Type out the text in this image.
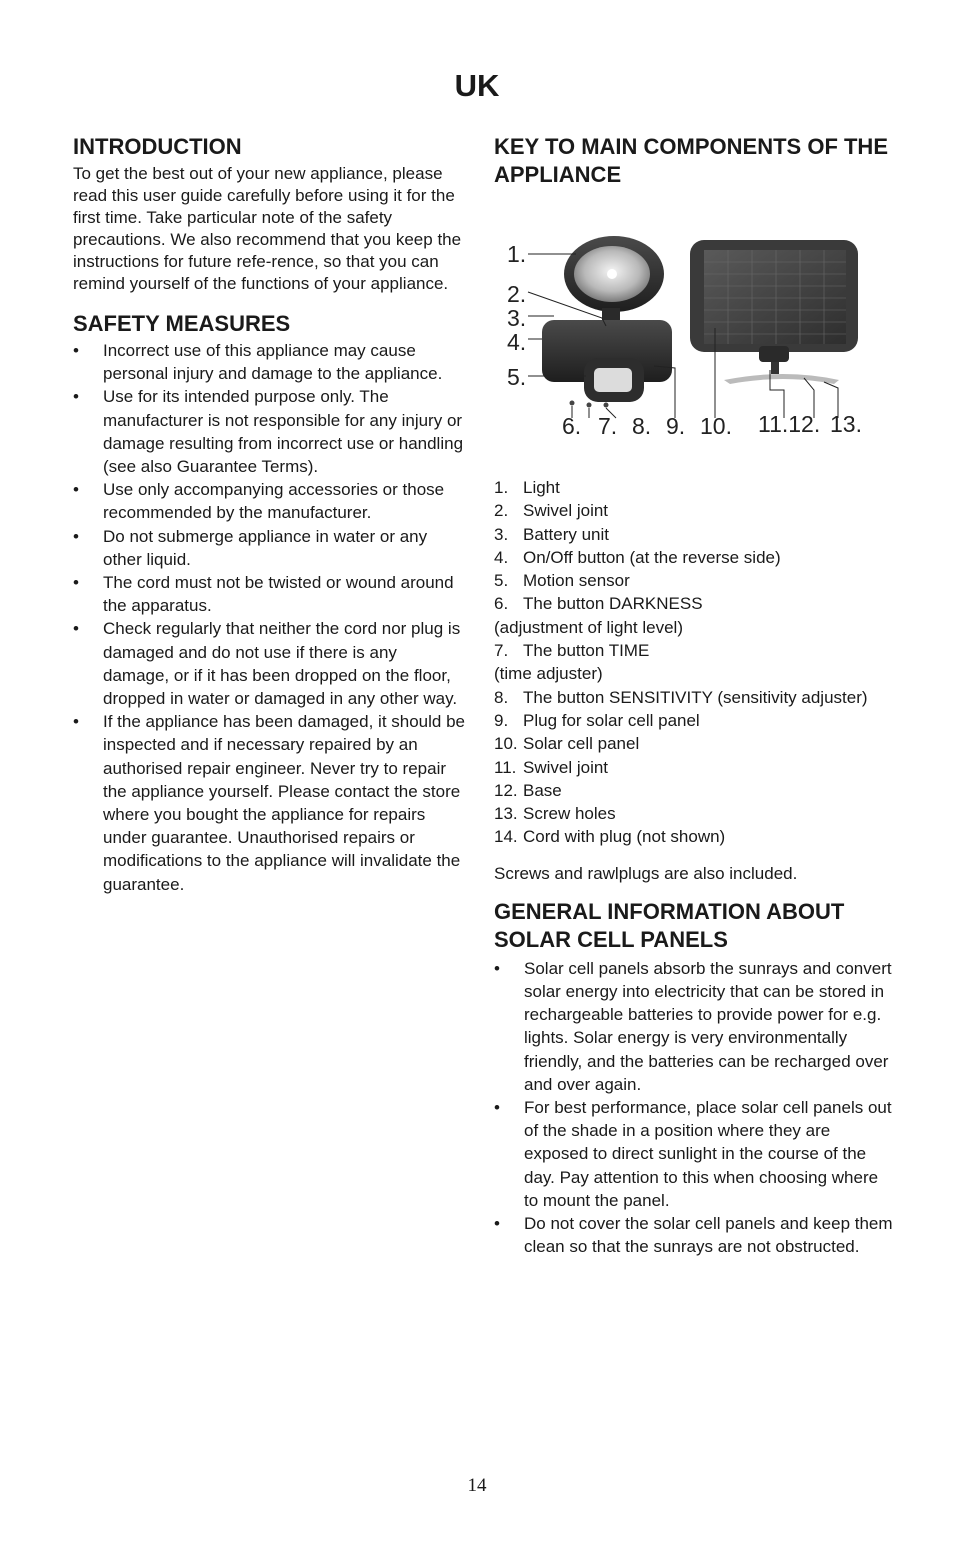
UK
INTRODUCTION

To get the best out of your new appliance, please read this user guide carefully before using it for the first time. Take particular note of the safety precautions. We also recommend that you keep the instructions for future refe-rence, so that you can remind yourself of the functions of your appliance.

SAFETY MEASURES
• Incorrect use of this appliance may cause personal injury and damage to the appliance.
• Use for its intended purpose only. The manufacturer is not responsible for any injury or damage resulting from incorrect use or handling (see also Guarantee Terms).
• Use only accompanying accessories or those recommended by the manufacturer.
• Do not submerge appliance in water or any other liquid.
• The cord must not be twisted or wound around the apparatus.
• Check regularly that neither the cord nor plug is damaged and do not use if there is any damage, or if it has been dropped on the floor, dropped in water or damaged in any other way.
• If the appliance has been damaged, it should be inspected and if necessary repaired by an authorised repair engineer. Never try to repair the appliance yourself. Please contact the store where you bought the appliance for repairs under guarantee. Unauthorised repairs or modifications to the appliance will invalidate the guarantee.
KEY TO MAIN COMPONENTS OF THE APPLIANCE
1.
2.
3.
4.
5.
6. 7. 8. 9. 10. 11.12. 13.
1. Light
2. Swivel joint
3. Battery unit
4. On/Off button (at the reverse side)
5. Motion sensor
6. The button DARKNESS
(adjustment of light level)
7. The button TIME
(time adjuster)
8. The button SENSITIVITY (sensitivity adjuster)
9. Plug for solar cell panel
10. Solar cell panel
11. Swivel joint
12. Base
13. Screw holes
14. Cord with plug (not shown)

Screws and rawlplugs are also included.

GENERAL INFORMATION ABOUT SOLAR CELL PANELS
• Solar cell panels absorb the sunrays and convert solar energy into electricity that can be stored in rechargeable batteries to provide power for e.g. lights. Solar energy is very environmentally friendly, and the batteries can be recharged over and over again.
• For best performance, place solar cell panels out of the shade in a position where they are exposed to direct sunlight in the course of the day. Pay attention to this when choosing where to mount the panel.
• Do not cover the solar cell panels and keep them clean so that the sunrays are not obstructed.
14
